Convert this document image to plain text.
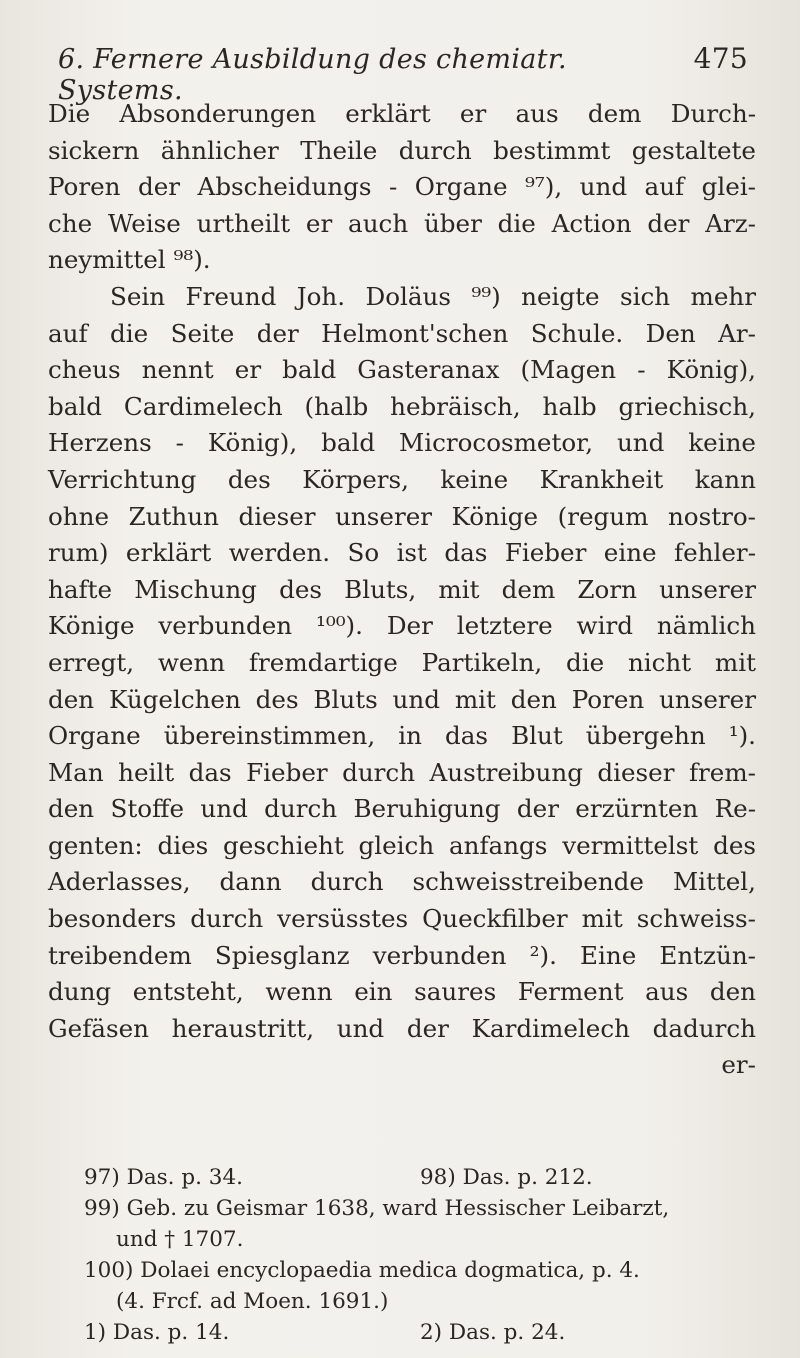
6. Fernere Ausbildung des chemiatr. Systems.
475
Die Absonderungen erklärt er aus dem Durch-
sickern ähnlicher Theile durch bestimmt gestaltete
Poren der Abscheidungs - Organe ⁹⁷), und auf glei-
che Weise urtheilt er auch über die Action der Arz-
neymittel ⁹⁸).
Sein Freund Joh. Doläus ⁹⁹) neigte sich mehr
auf die Seite der Helmont'schen Schule. Den Ar-
cheus nennt er bald Gasteranax (Magen - König),
bald Cardimelech (halb hebräisch, halb griechisch,
Herzens - König), bald Microcosmetor, und keine
Verrichtung des Körpers, keine Krankheit kann
ohne Zuthun dieser unserer Könige (regum nostro-
rum) erklärt werden. So ist das Fieber eine fehler-
hafte Mischung des Bluts, mit dem Zorn unserer
Könige verbunden ¹⁰⁰). Der letztere wird nämlich
erregt, wenn fremdartige Partikeln, die nicht mit
den Kügelchen des Bluts und mit den Poren unserer
Organe übereinstimmen, in das Blut übergehn ¹).
Man heilt das Fieber durch Austreibung dieser frem-
den Stoffe und durch Beruhigung der erzürnten Re-
genten: dies geschieht gleich anfangs vermittelst des
Aderlasses, dann durch schweisstreibende Mittel,
besonders durch versüsstes Queckfilber mit schweiss-
treibendem Spiesglanz verbunden ²). Eine Entzün-
dung entsteht, wenn ein saures Ferment aus den
Gefäsen heraustritt, und der Kardimelech dadurch
er-
97) Das. p. 34.	98) Das. p. 212.
99) Geb. zu Geismar 1638, ward Hessischer Leibarzt,
und † 1707.
100) Dolaei encyclopaedia medica dogmatica, p. 4.
(4. Frcf. ad Moen. 1691.)
1) Das. p. 14.	2) Das. p. 24.
